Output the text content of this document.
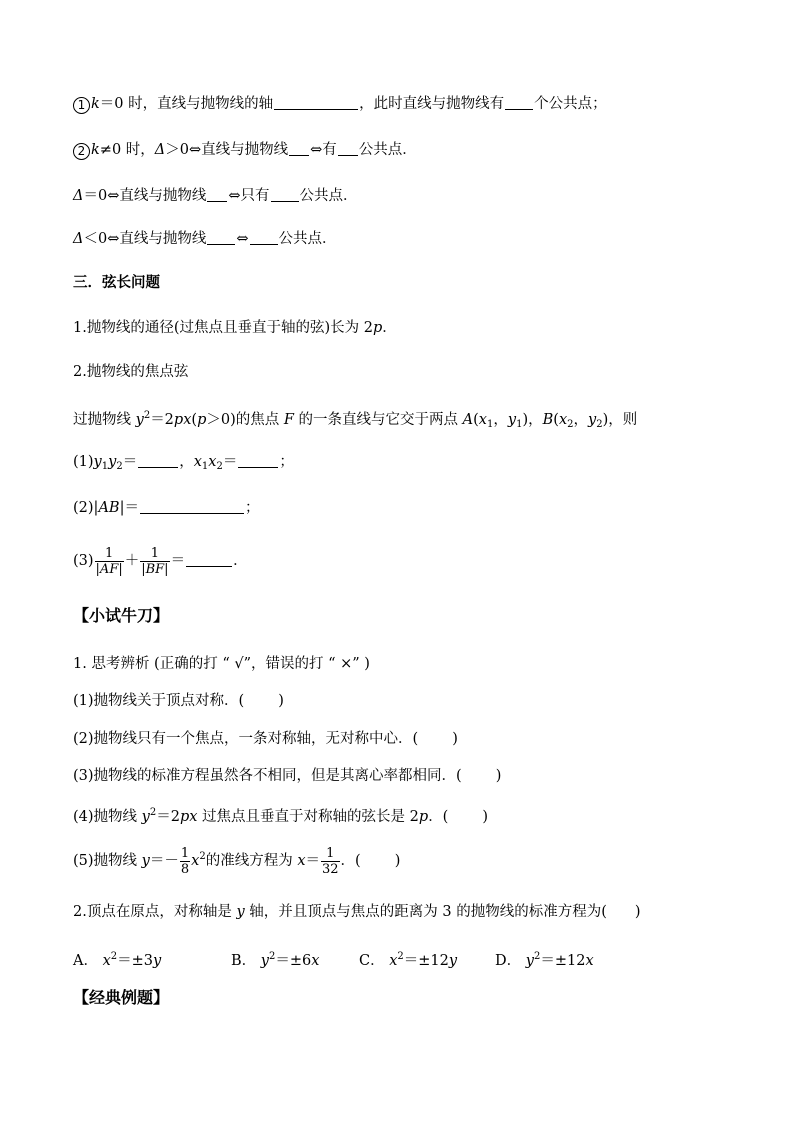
1 k＝0 时，直线与抛物线的轴	，此时直线与抛物线有 个公共点；
2 k≠0 时，Δ＞0⇔直线与抛物线 ⇔有 公共点．
Δ＝0⇔直线与抛物线 ⇔只有 公共点．
Δ＜0⇔直线与抛物线 ⇔ 公共点．
三．弦长问题
1.抛物线的通径(过焦点且垂直于轴的弦)长为 2p．
2.抛物线的焦点弦
过抛物线 $y^2=2px(p>0)$的焦点 F 的一条直线与它交于两点 $A(x_1$，$y_1$)，$B(x_2$，$y_2$)，则
$(1)y_1y_2=$	，$x_1x_2=$	；
(2)|AB|＝	；
$(3) \frac{1}{|AF|} + \frac{1}{|BF|}$ ＝	．
【小试牛刀】
1. 思考辨析 (正确的打 “ √”，错误的打 “ ×” )
(1)抛物线关于顶点对称．( )
(2)抛物线只有一个焦点，一条对称轴，无对称中心．( )
(3)抛物线的标准方程虽然各不相同，但是其离心率都相同．( )
(4)抛物线 $y^2=2px$ 过焦点且垂直于对称轴的弦长是 2p．( )
(5)抛物线 $y=- \frac{1}{8} x^2$的准线方程为 $x= \frac{1}{32}$ ．( )
2.顶点在原点，对称轴是 y 轴，并且顶点与焦点的距离为 3 的抛物线的标准方程为( )
A． $x^2=\pm 3y$	B． $y^2=\pm 6x$	C． $x^2=\pm 12y$	D． $y^2=\pm 12x$
【经典例题】
